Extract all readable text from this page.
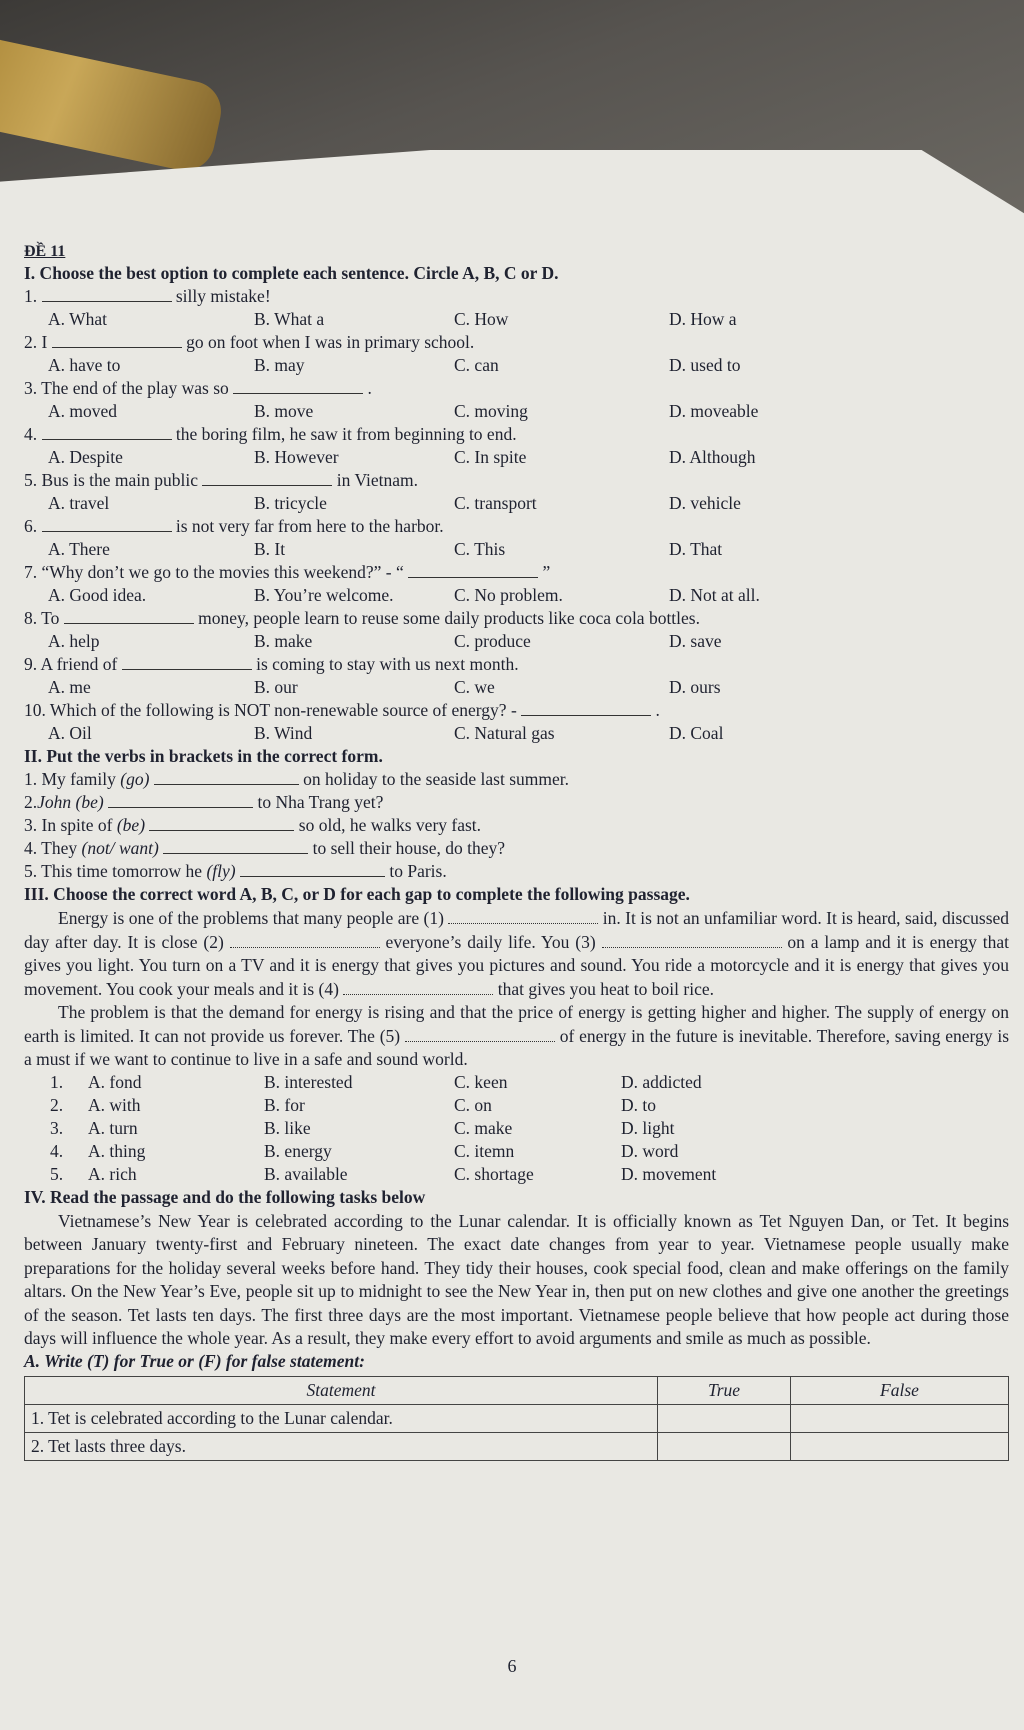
ĐỀ 11
I. Choose the best option to complete each sentence. Circle A, B, C or D.
1.	silly mistake!
A. What	B. What a	C. How	D. How a
2. I	go on foot when I was in primary school.
A. have to	B. may	C. can	D. used to
3. The end of the play was so	.
A. moved	B. move	C. moving	D. moveable
4.	the boring film, he saw it from beginning to end.
A. Despite	B. However	C. In spite	D. Although
5. Bus is the main public	in Vietnam.
A. travel	B. tricycle	C. transport	D. vehicle
6.	is not very far from here to the harbor.
A. There	B. It	C. This	D. That
7. “Why don’t we go to the movies this weekend?” - “	”
A. Good idea.	B. You’re welcome.	C. No problem.	D. Not at all.
8. To	money, people learn to reuse some daily products like coca cola bottles.
A. help	B. make	C. produce	D. save
9. A friend of	is coming to stay with us next month.
A. me	B. our	C. we	D. ours
10. Which of the following is NOT non-renewable source of energy? -	.
A. Oil	B. Wind	C. Natural gas	D. Coal
II. Put the verbs in brackets in the correct form.
1. My family (go)	on holiday to the seaside last summer.
2.John (be)	to Nha Trang yet?
3. In spite of (be)	so old, he walks very fast.
4. They (not/ want)	to sell their house, do they?
5. This time tomorrow he (fly)	to Paris.
III. Choose the correct word A, B, C, or D for each gap to complete the following passage.
Energy is one of the problems that many people are (1)	in. It is not an unfamiliar word. It is heard, said, discussed day after day. It is close (2)	everyone’s daily life. You (3)	on a lamp and it is energy that gives you light. You turn on a TV and it is energy that gives you pictures and sound. You ride a motorcycle and it is energy that gives you movement. You cook your meals and it is (4)	that gives you heat to boil rice.
The problem is that the demand for energy is rising and that the price of energy is getting higher and higher. The supply of energy on earth is limited. It can not provide us forever. The (5)	of energy in the future is inevitable. Therefore, saving energy is a must if we want to continue to live in a safe and sound world.
1. A. fond	B. interested	C. keen	D. addicted
2. A. with	B. for	C. on	D. to
3. A. turn	B. like	C. make	D. light
4. A. thing	B. energy	C. itemn	D. word
5. A. rich	B. available	C. shortage	D. movement
IV. Read the passage and do the following tasks below
Vietnamese’s New Year is celebrated according to the Lunar calendar. It is officially known as Tet Nguyen Dan, or Tet. It begins between January twenty-first and February nineteen. The exact date changes from year to year. Vietnamese people usually make preparations for the holiday several weeks before hand. They tidy their houses, cook special food, clean and make offerings on the family altars. On the New Year’s Eve, people sit up to midnight to see the New Year in, then put on new clothes and give one another the greetings of the season. Tet lasts ten days. The first three days are the most important. Vietnamese people believe that how people act during those days will influence the whole year. As a result, they make every effort to avoid arguments and smile as much as possible.
A. Write (T) for True or (F) for false statement:
Statement	True	False
1. Tet is celebrated according to the Lunar calendar.		
2. Tet lasts three days.		
6
